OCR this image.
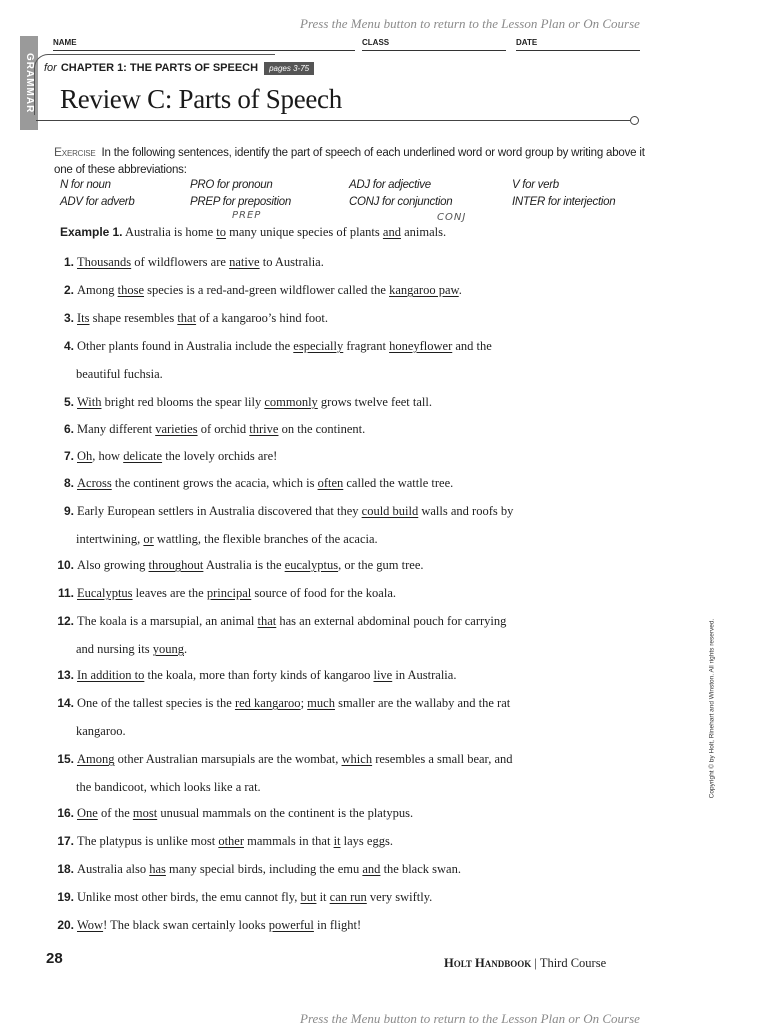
Press the Menu button to return to the Lesson Plan or On Course
GRAMMAR
NAME	CLASS	DATE
for CHAPTER 1: THE PARTS OF SPEECH	pages 3-75
Review C: Parts of Speech
Exercise In the following sentences, identify the part of speech of each underlined word or word group by writing above it one of these abbreviations:
N for noun	PRO for pronoun	ADJ for adjective	V for verb
ADV for adverb	PREP for preposition	CONJ for conjunction	INTER for interjection
PREP	CONJ
Example 1. Australia is home to many unique species of plants and animals.
1. Thousands of wildflowers are native to Australia.
2. Among those species is a red-and-green wildflower called the kangaroo paw.
3. Its shape resembles that of a kangaroo’s hind foot.
4. Other plants found in Australia include the especially fragrant honeyflower and the
beautiful fuchsia.
5. With bright red blooms the spear lily commonly grows twelve feet tall.
6. Many different varieties of orchid thrive on the continent.
7. Oh, how delicate the lovely orchids are!
8. Across the continent grows the acacia, which is often called the wattle tree.
9. Early European settlers in Australia discovered that they could build walls and roofs by
intertwining, or wattling, the flexible branches of the acacia.
10. Also growing throughout Australia is the eucalyptus, or the gum tree.
11. Eucalyptus leaves are the principal source of food for the koala.
12. The koala is a marsupial, an animal that has an external abdominal pouch for carrying
and nursing its young.
13. In addition to the koala, more than forty kinds of kangaroo live in Australia.
14. One of the tallest species is the red kangaroo; much smaller are the wallaby and the rat
kangaroo.
15. Among other Australian marsupials are the wombat, which resembles a small bear, and
the bandicoot, which looks like a rat.
16. One of the most unusual mammals on the continent is the platypus.
17. The platypus is unlike most other mammals in that it lays eggs.
18. Australia also has many special birds, including the emu and the black swan.
19. Unlike most other birds, the emu cannot fly, but it can run very swiftly.
20. Wow! The black swan certainly looks powerful in flight!
Copyright © by Holt, Rinehart and Winston. All rights reserved.
28	Holt Handbook | Third Course
Press the Menu button to return to the Lesson Plan or On Course
